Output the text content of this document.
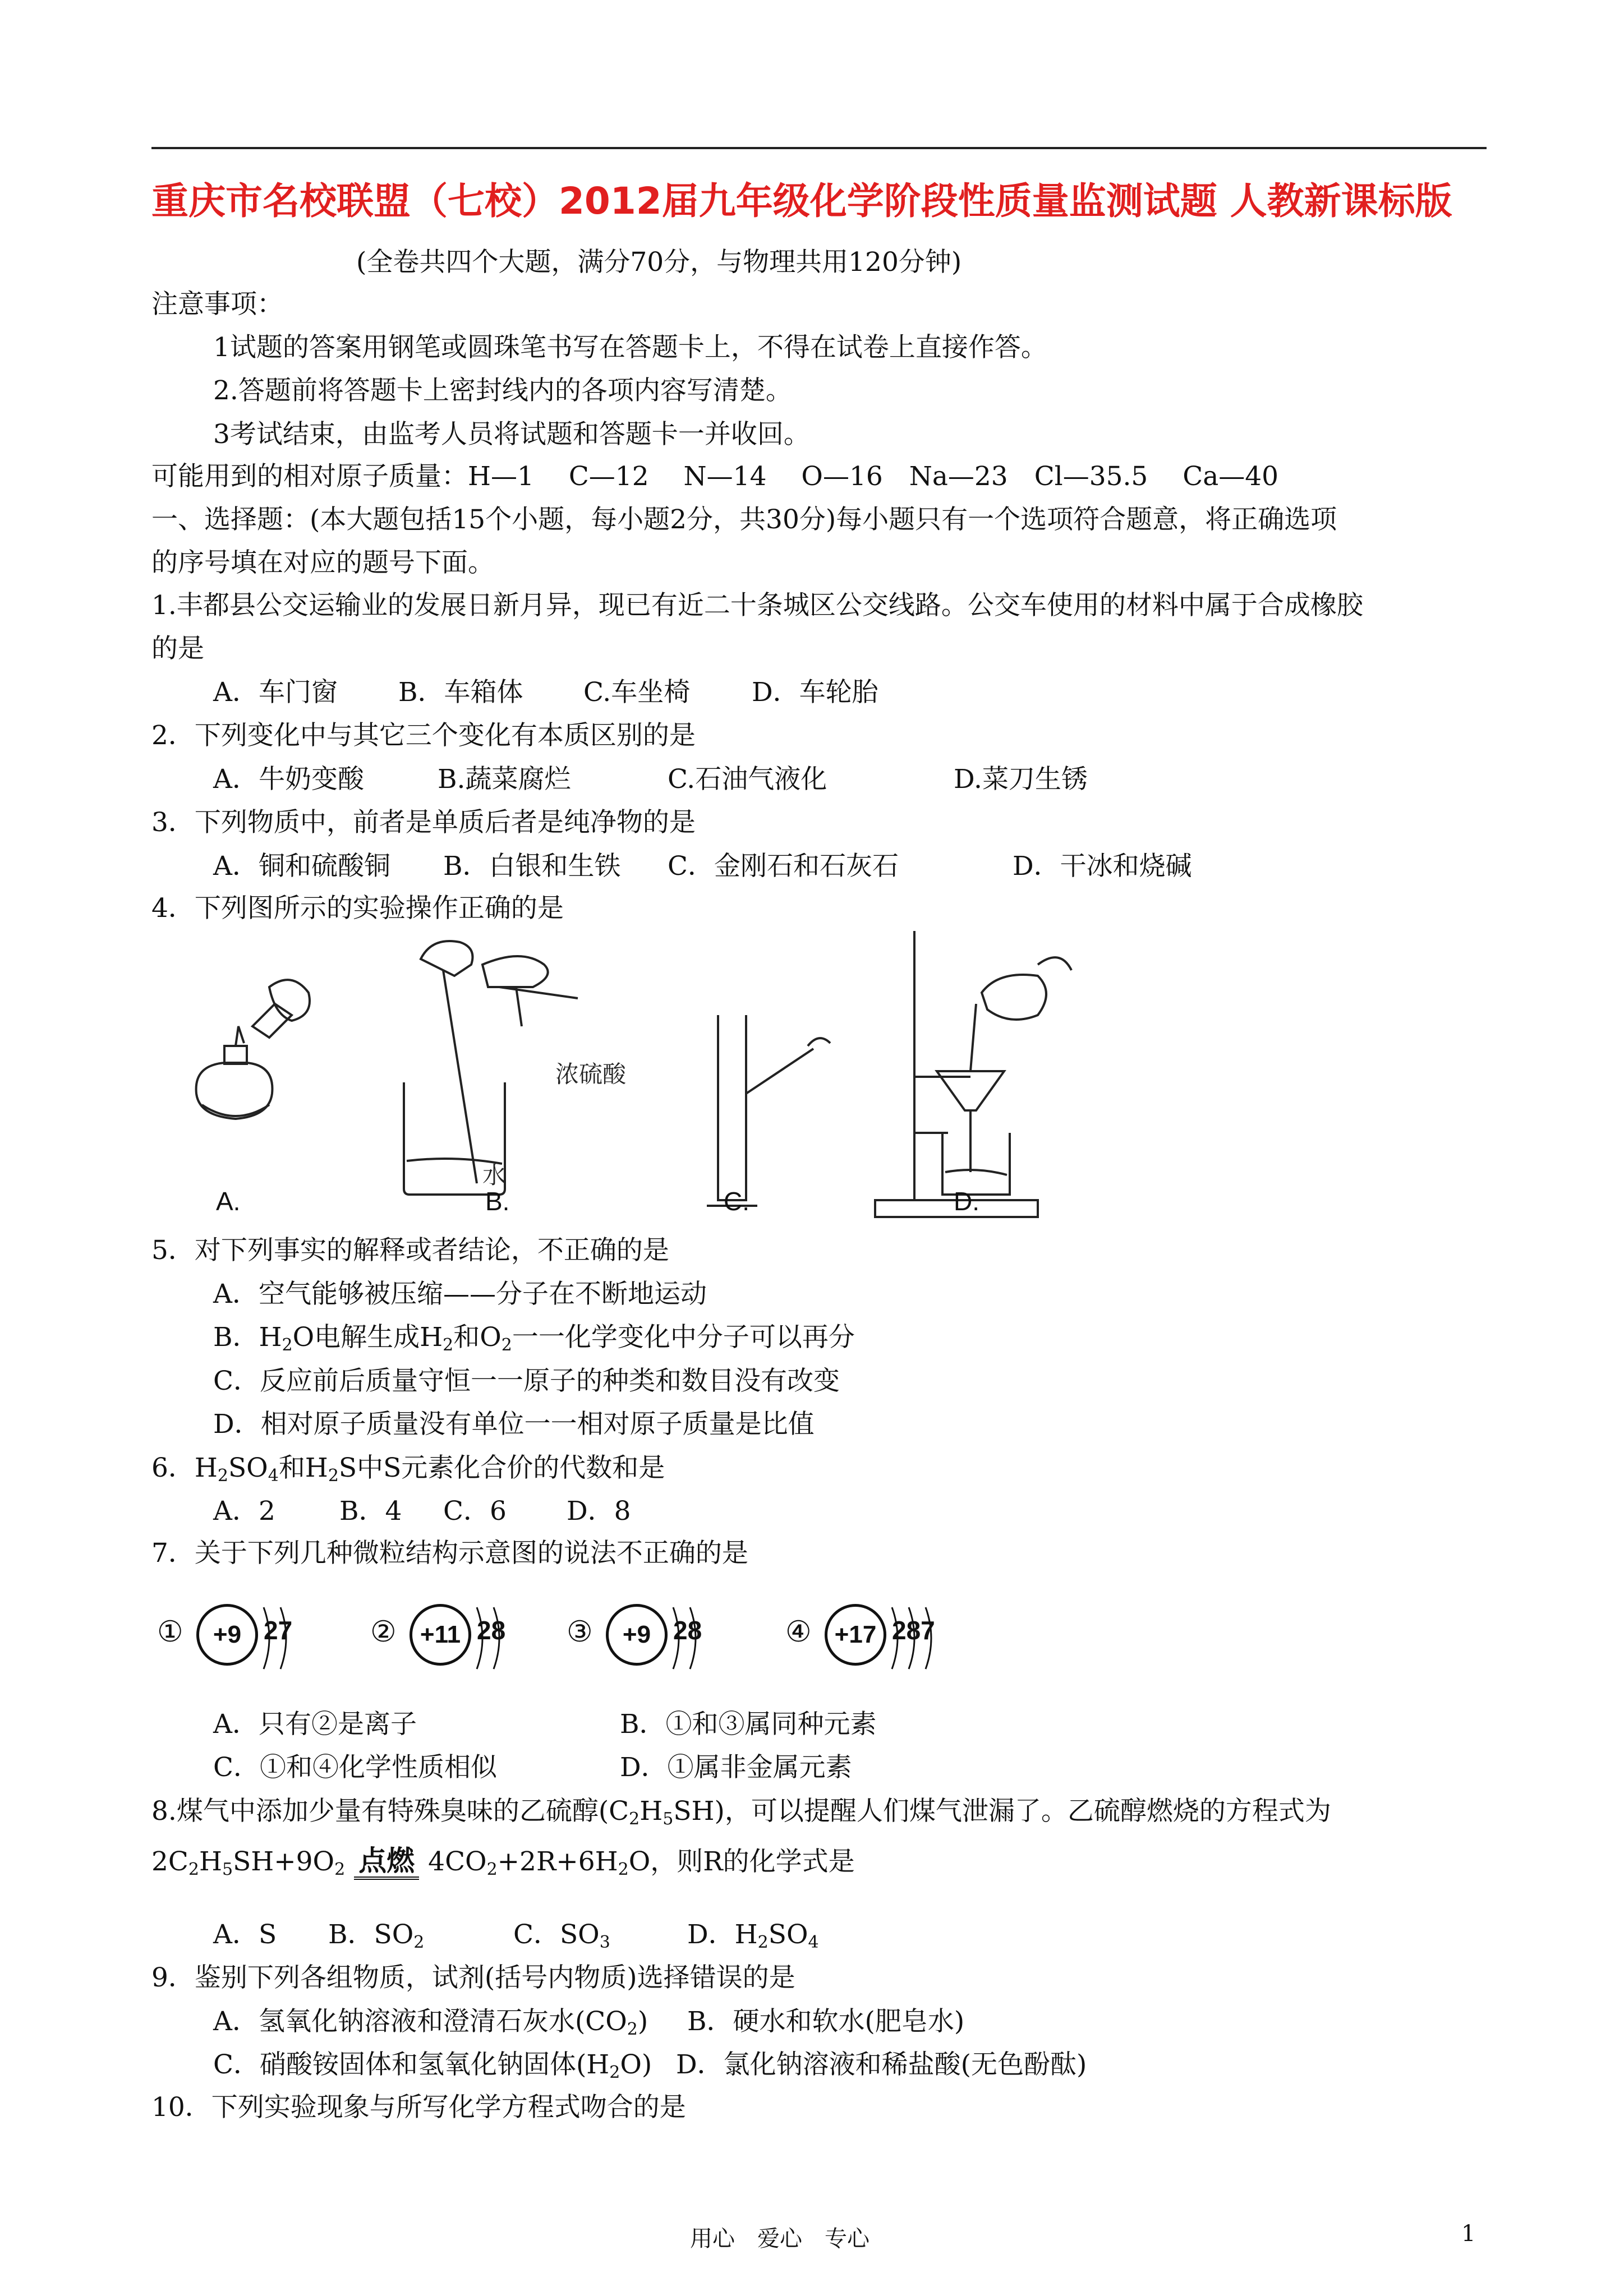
重庆市名校联盟（七校）2012届九年级化学阶段性质量监测试题 人教新课标版
(全卷共四个大题，满分70分，与物理共用120分钟)
注意事项：
1试题的答案用钢笔或圆珠笔书写在答题卡上，不得在试卷上直接作答。
2.答题前将答题卡上密封线内的各项内容写清楚。
3考试结束，由监考人员将试题和答题卡一并收回。
可能用到的相对原子质量：H—1　 C—12　 N—14　 O—16　Na—23　Cl—35.5　 Ca—40
一、选择题：(本大题包括15个小题，每小题2分，共30分)每小题只有一个选项符合题意，将正确选项
的序号填在对应的题号下面。
1.丰都县公交运输业的发展日新月异，现已有近二十条城区公交线路。公交车使用的材料中属于合成橡胶
的是
A．车门窗 B．车箱体 C.车坐椅 D．车轮胎
2．下列变化中与其它三个变化有本质区别的是
A．牛奶变酸	B.蔬菜腐烂	C.石油气液化	D.菜刀生锈
3．下列物质中，前者是单质后者是纯净物的是
A．铜和硫酸铜 B．白银和生铁 C．金刚石和石灰石	D．干冰和烧碱
4．下列图所示的实验操作正确的是
水
浓硫酸
A.	B.	C.	D.
5．对下列事实的解释或者结论，不正确的是
A．空气能够被压缩——分子在不断地运动
B．$H_2O$电解生成$H_2$和$O_2$一一化学变化中分子可以再分
C．反应前后质量守恒一一原子的种类和数目没有改变
D．相对原子质量没有单位一一相对原子质量是比值
6．$H_2SO_4$和$H_2S$中S元素化合价的代数和是
A．2 B．4 C．6 D．8
7．关于下列几种微粒结构示意图的说法不正确的是
①	+9 27	② +11 28 ③	+9 28	④ +17 287
A．只有②是离子	B．①和③属同种元素
C．①和④化学性质相似	D．①属非金属元素
8.煤气中添加少量有特殊臭味的乙硫醇$(C_2H_5SH)$，可以提醒人们煤气泄漏了。乙硫醇燃烧的方程式为
$2C_2H_5SH+9O_2$ 点燃 $4CO_2+2R+6H_2O$，则R的化学式是
A．S B．$SO_2$	C．$SO_3$	D．$H_2SO_4$
9．鉴别下列各组物质，试剂(括号内物质)选择错误的是
A．氢氧化钠溶液和澄清石灰水$(CO_2)$ B．硬水和软水(肥皂水)
C．硝酸铵固体和氢氧化钠固体$(H_2O)$ D．氯化钠溶液和稀盐酸(无色酚酞)
10．下列实验现象与所写化学方程式吻合的是
用心　爱心　专心	1
